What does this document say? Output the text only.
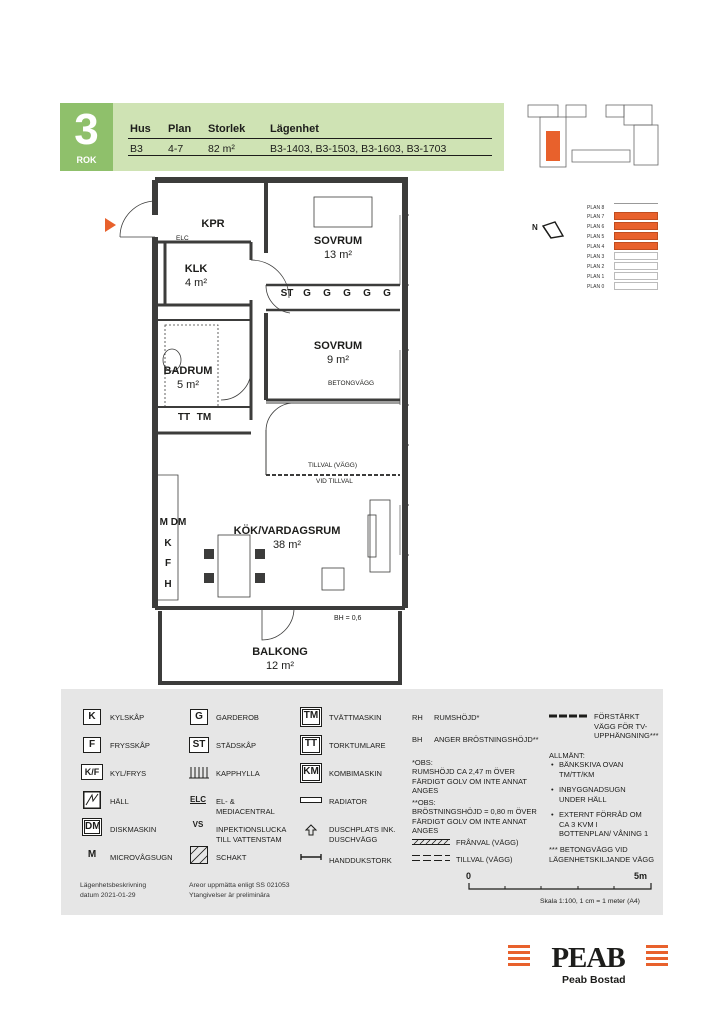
3
ROK
Hus Plan Storlek Lägenhet
B3 4-7 82 m²	B3-1403, B3-1503, B3-1603, B3-1703
N
PLAN 8
PLAN 7
PLAN 6
PLAN 5
PLAN 4
PLAN 3
PLAN 2
PLAN 1
PLAN 0
KPR
ELC	SOVRUM
13 m²
KLK
4 m²
ST G	G	G	G	G
SOVRUM
9 m²
BETONGVÄGG
BADRUM
5 m²
TT TM
TILLVAL (VÄGG)
VID TILLVAL
KÖK/VARDAGSRUM
38 m²
M DM
K
F
H
BH = 0,6
BALKONG
12 m²
K	KYLSKÅP
F	FRYSSKÅP
K/F	KYL/FRYS
HÄLL
DM DISKMASKIN
M	MICROVÅGSUGN
G	GARDEROB
ST	STÄDSKÅP
KAPPHYLLA
ELC	EL- & MEDIACENTRAL
VS
INPEKTIONSLUCKA TILL VATTENSTAM
SCHAKT
TM	TVÄTTMASKIN
TT	TORKTUMLARE
KM	KOMBIMASKIN
RADIATOR
DUSCHPLATS INK. DUSCHVÄGG
HANDDUKSTORK
RH RUMSHÖJD*
BH ANGER BRÖSTNINGSHÖJD**
*OBS:
RUMSHÖJD CA 2,47 m ÖVER FÄRDIGT GOLV OM INTE ANNAT ANGES
**OBS:
BRÖSTNINGSHÖJD = 0,80 m ÖVER FÄRDIGT GOLV OM INTE ANNAT ANGES
FRÅNVAL (VÄGG)
TILLVAL (VÄGG)
FÖRSTÄRKT VÄGG FÖR TV-UPPHÄNGNING***
ALLMÄNT:
• BÄNKSKIVA OVAN TM/TT/KM
• INBYGGNADSUGN UNDER HÄLL
• EXTERNT FÖRRÅD OM CA 3 KVM I BOTTENPLAN/ VÅNING 1
*** BETONGVÄGG VID LÄGENHETSKILJANDE VÄGG
0	5m
Skala 1:100, 1 cm = 1 meter (A4)
Lägenhetsbeskrivning
datum 2021-01-29
Areor uppmätta enligt SS 021053
Ytangivelser är preliminära
PEAB
Peab Bostad
